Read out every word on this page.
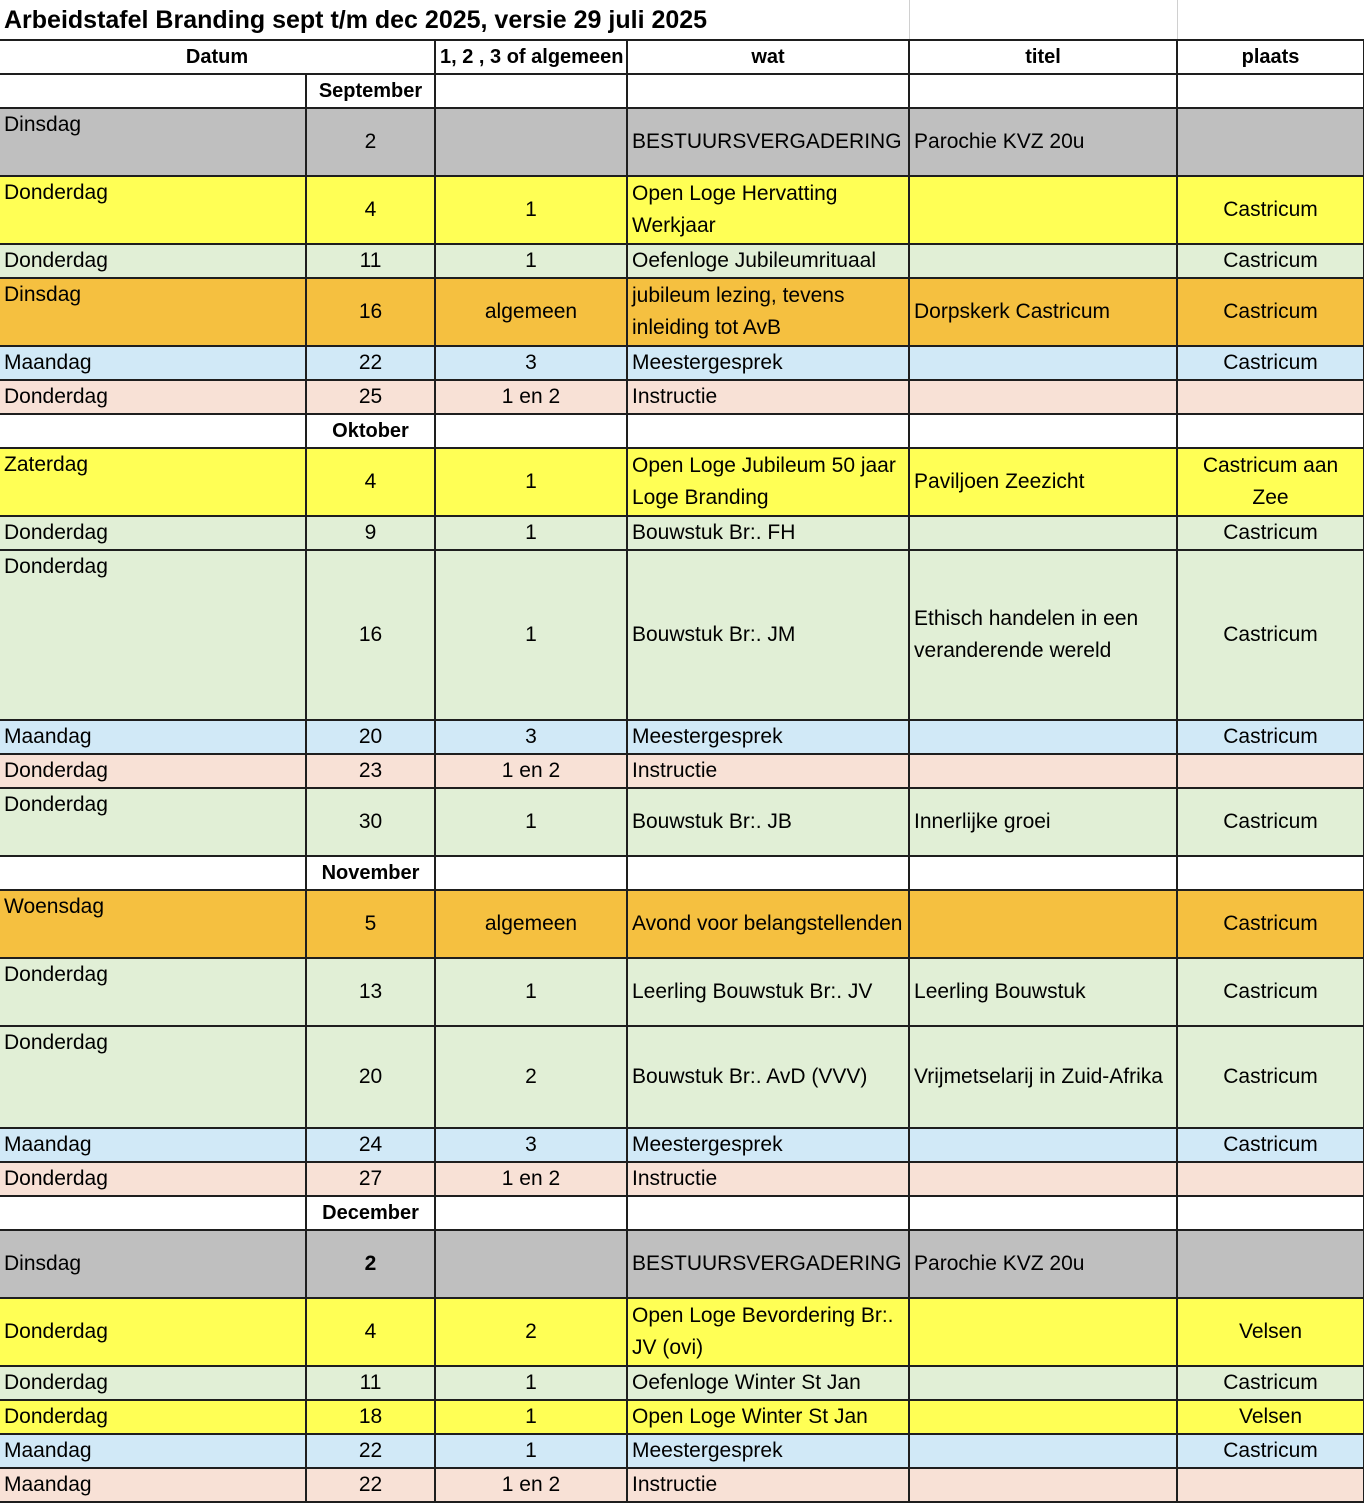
Arbeidstafel Branding sept t/m dec 2025, versie 29 juli 2025					
Datum		1, 2 , 3 of algemeen	wat	titel	plaats
	September				
Dinsdag	2		BESTUURSVERGADERING	Parochie KVZ 20u	
Donderdag	4	1	Open Loge Hervatting Werkjaar		Castricum
Donderdag	11	1	Oefenloge Jubileumrituaal		Castricum
Dinsdag	16	algemeen	jubileum lezing, tevens inleiding tot AvB	Dorpskerk Castricum	Castricum
Maandag	22	3	Meestergesprek		Castricum
Donderdag	25	1 en 2	Instructie		
	Oktober				
Zaterdag	4	1	Open Loge Jubileum 50 jaar Loge Branding	Paviljoen Zeezicht	Castricum aan Zee
Donderdag	9	1	Bouwstuk Br:. FH		Castricum
Donderdag	16	1	Bouwstuk Br:. JM	Ethisch handelen in een veranderende wereld	Castricum
Maandag	20	3	Meestergesprek		Castricum
Donderdag	23	1 en 2	Instructie		
Donderdag	30	1	Bouwstuk Br:. JB	Innerlijke groei	Castricum
	November				
Woensdag	5	algemeen	Avond voor belangstellenden		Castricum
Donderdag	13	1	Leerling Bouwstuk Br:. JV	Leerling Bouwstuk	Castricum
Donderdag	20	2	Bouwstuk Br:. AvD (VVV)	Vrijmetselarij in Zuid-Afrika	Castricum
Maandag	24	3	Meestergesprek		Castricum
Donderdag	27	1 en 2	Instructie		
	December				
Dinsdag	2		BESTUURSVERGADERING	Parochie KVZ 20u	
Donderdag	4	2	Open Loge Bevordering Br:. JV (ovi)		Velsen
Donderdag	11	1	Oefenloge Winter St Jan		Castricum
Donderdag	18	1	Open Loge Winter St Jan		Velsen
Maandag	22	1	Meestergesprek		Castricum
Maandag	22	1 en 2	Instructie		
